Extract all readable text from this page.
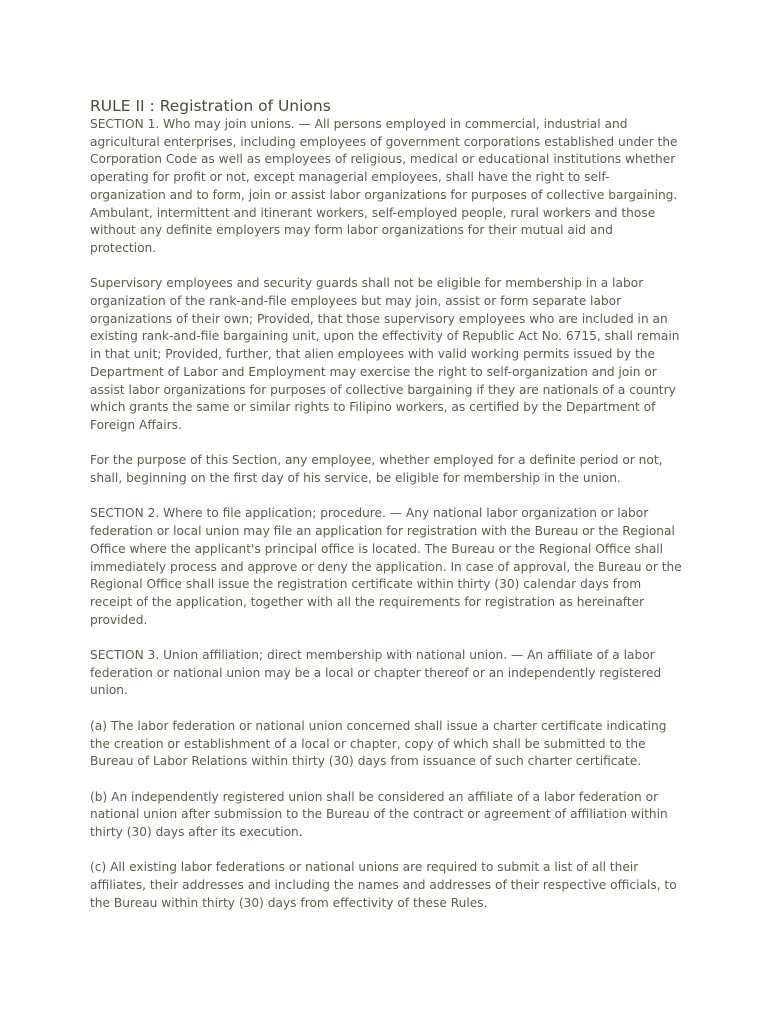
RULE II : Registration of Unions

SECTION 1. Who may join unions. — All persons employed in commercial, industrial and agricultural enterprises, including employees of government corporations established under the Corporation Code as well as employees of religious, medical or educational institutions whether operating for profit or not, except managerial employees, shall have the right to self-organization and to form, join or assist labor organizations for purposes of collective bargaining. Ambulant, intermittent and itinerant workers, self-employed people, rural workers and those without any definite employers may form labor organizations for their mutual aid and protection.

Supervisory employees and security guards shall not be eligible for membership in a labor organization of the rank-and-file employees but may join, assist or form separate labor organizations of their own; Provided, that those supervisory employees who are included in an existing rank-and-file bargaining unit, upon the effectivity of Republic Act No. 6715, shall remain in that unit; Provided, further, that alien employees with valid working permits issued by the Department of Labor and Employment may exercise the right to self-organization and join or assist labor organizations for purposes of collective bargaining if they are nationals of a country which grants the same or similar rights to Filipino workers, as certified by the Department of Foreign Affairs.

For the purpose of this Section, any employee, whether employed for a definite period or not, shall, beginning on the first day of his service, be eligible for membership in the union.

SECTION 2. Where to file application; procedure. — Any national labor organization or labor federation or local union may file an application for registration with the Bureau or the Regional Office where the applicant's principal office is located. The Bureau or the Regional Office shall immediately process and approve or deny the application. In case of approval, the Bureau or the Regional Office shall issue the registration certificate within thirty (30) calendar days from receipt of the application, together with all the requirements for registration as hereinafter provided.

SECTION 3. Union affiliation; direct membership with national union. — An affiliate of a labor federation or national union may be a local or chapter thereof or an independently registered union.

(a) The labor federation or national union concerned shall issue a charter certificate indicating the creation or establishment of a local or chapter, copy of which shall be submitted to the Bureau of Labor Relations within thirty (30) days from issuance of such charter certificate.

(b) An independently registered union shall be considered an affiliate of a labor federation or national union after submission to the Bureau of the contract or agreement of affiliation within thirty (30) days after its execution.

(c) All existing labor federations or national unions are required to submit a list of all their affiliates, their addresses and including the names and addresses of their respective officials, to the Bureau within thirty (30) days from effectivity of these Rules.
